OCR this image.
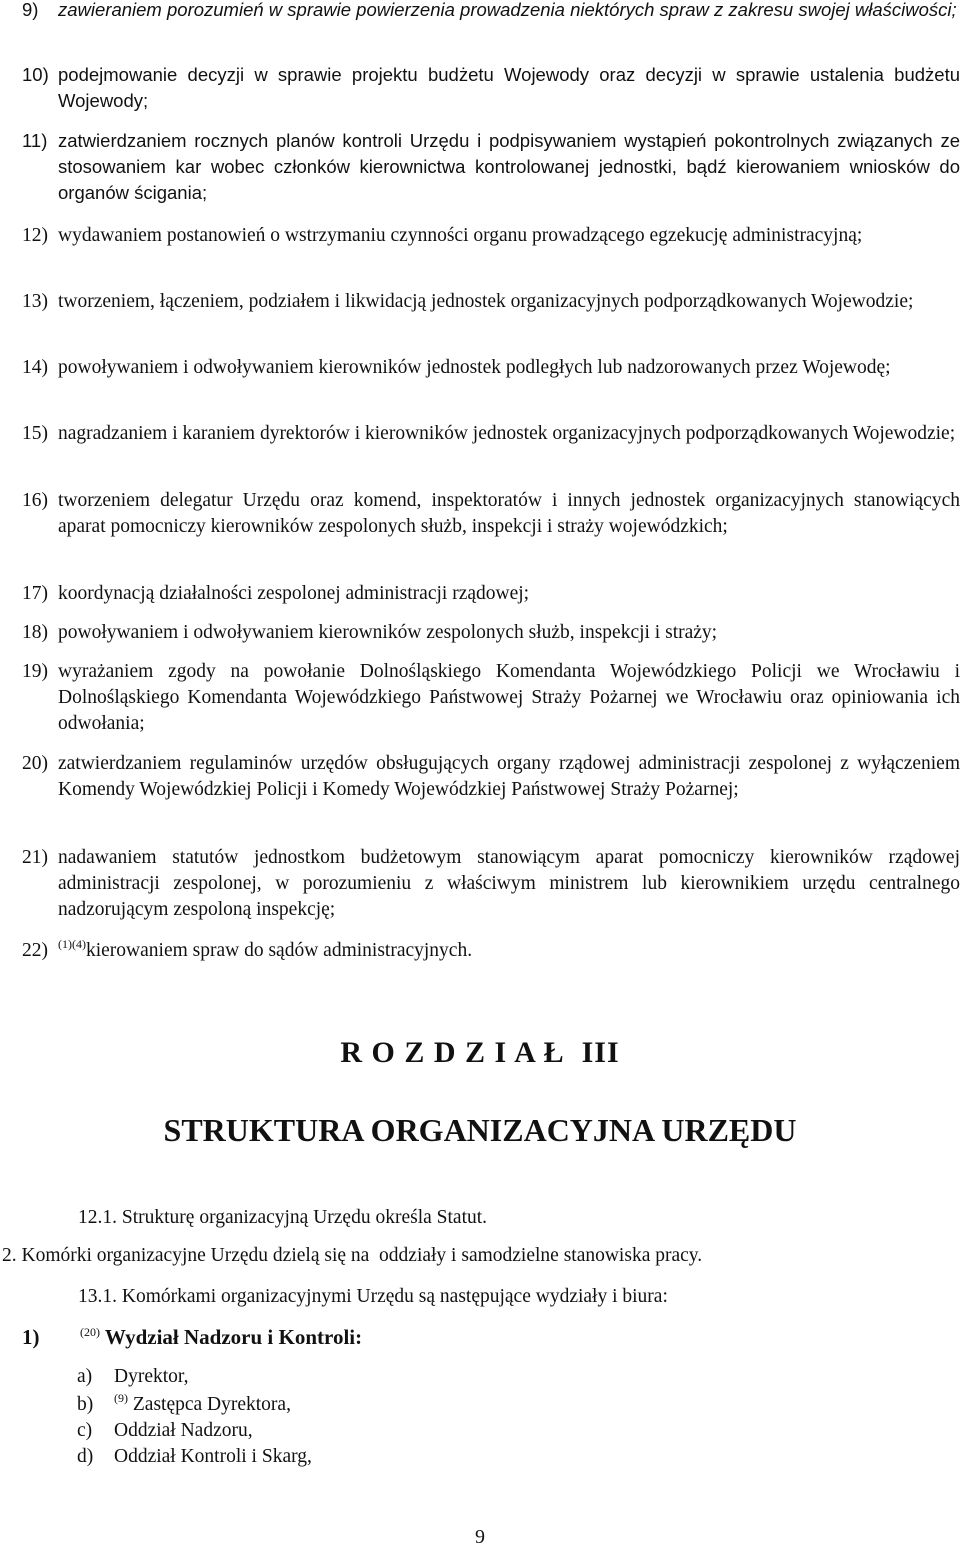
9) zawieraniem porozumień w sprawie powierzenia prowadzenia niektórych spraw z zakresu swojej właściwości;
10) podejmowanie decyzji w sprawie projektu budżetu Wojewody oraz decyzji w sprawie ustalenia budżetu Wojewody;
11) zatwierdzaniem rocznych planów kontroli Urzędu i podpisywaniem wystąpień pokontrolnych związanych ze stosowaniem kar wobec członków kierownictwa kontrolowanej jednostki, bądź kierowaniem wniosków do organów ścigania;
12) wydawaniem postanowień o wstrzymaniu czynności organu prowadzącego egzekucję administracyjną;
13) tworzeniem, łączeniem, podziałem i likwidacją jednostek organizacyjnych podporządkowanych Wojewodzie;
14) powoływaniem i odwoływaniem kierowników jednostek podległych lub nadzorowanych przez Wojewodę;
15) nagradzaniem i karaniem dyrektorów i kierowników jednostek organizacyjnych podporządkowanych Wojewodzie;
16) tworzeniem delegatur Urzędu oraz komend, inspektoratów i innych jednostek organizacyjnych stanowiących aparat pomocniczy kierowników zespolonych służb, inspekcji i straży wojewódzkich;
17) koordynacją działalności zespolonej administracji rządowej;
18) powoływaniem i odwoływaniem kierowników zespolonych służb, inspekcji i straży;
19) wyrażaniem zgody na powołanie Dolnośląskiego Komendanta Wojewódzkiego Policji we Wrocławiu i Dolnośląskiego Komendanta Wojewódzkiego Państwowej Straży Pożarnej we Wrocławiu oraz opiniowania ich odwołania;
20) zatwierdzaniem regulaminów urzędów obsługujących organy rządowej administracji zespolonej z wyłączeniem Komendy Wojewódzkiej Policji i Komedy Wojewódzkiej Państwowej Straży Pożarnej;
21) nadawaniem statutów jednostkom budżetowym stanowiącym aparat pomocniczy kierowników rządowej administracji zespolonej, w porozumieniu z właściwym ministrem lub kierownikiem urzędu centralnego nadzorującym zespoloną inspekcję;
22) $^{(1)(4)}$kierowaniem spraw do sądów administracyjnych.
R O Z D Z I A Ł  III
STRUKTURA ORGANIZACYJNA URZĘDU
12.1. Strukturę organizacyjną Urzędu określa Statut.
2. Komórki organizacyjne Urzędu dzielą się na  oddziały i samodzielne stanowiska pracy.
13.1. Komórkami organizacyjnymi Urzędu są następujące wydziały i biura:
1)	$^{(20)}$ Wydział Nadzoru i Kontroli:
a) Dyrektor,
b) $^{(9)}$ Zastępca Dyrektora,
c) Oddział Nadzoru,
d) Oddział Kontroli i Skarg,
9
